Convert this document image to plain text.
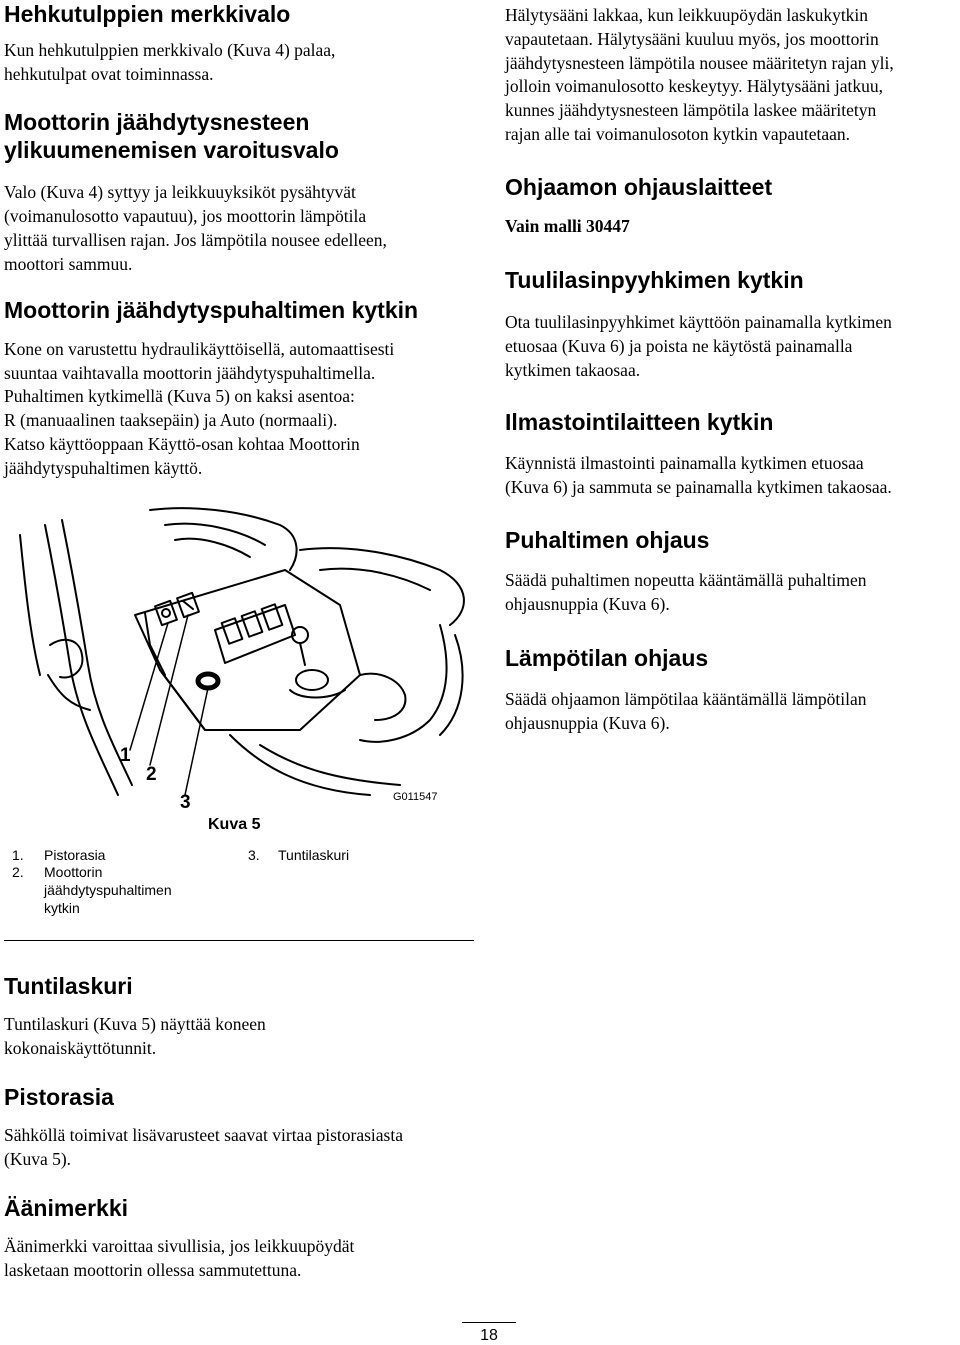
Hehkutulppien merkkivalo

Kun hehkutulppien merkkivalo (Kuva 4) palaa,

hehkutulpat ovat toiminnassa.

Moottorin jäähdytysnesteen
ylikuumenemisen varoitusvalo

Valo (Kuva 4) syttyy ja leikkuuyksiköt pysähtyvät

(voimanulosotto vapautuu), jos moottorin lämpötila

ylittää turvallisen rajan. Jos lämpötila nousee edelleen,

moottori sammuu.

Moottorin jäähdytyspuhaltimen kytkin

Kone on varustettu hydraulikäyttöisellä, automaattisesti

suuntaa vaihtavalla moottorin jäähdytyspuhaltimella.

Puhaltimen kytkimellä (Kuva 5) on kaksi asentoa:

R (manuaalinen taaksepäin) ja Auto (normaali).

Katso käyttöoppaan Käyttö-osan kohtaa Moottorin

jäähdytyspuhaltimen käyttö.

1
2
3	G011547
Kuva 5
1. Pistorasia
2. Moottorin
jäähdytyspuhaltimen
kytkin
3. Tuntilaskuri
Tuntilaskuri

Tuntilaskuri (Kuva 5) näyttää koneen

kokonaiskäyttötunnit.

Pistorasia

Sähköllä toimivat lisävarusteet saavat virtaa pistorasiasta

(Kuva 5).

Äänimerkki

Äänimerkki varoittaa sivullisia, jos leikkuupöydät

lasketaan moottorin ollessa sammutettuna.

Hälytysääni lakkaa, kun leikkuupöydän laskukytkin

vapautetaan. Hälytysääni kuuluu myös, jos moottorin

jäähdytysnesteen lämpötila nousee määritetyn rajan yli,

jolloin voimanulosotto keskeytyy. Hälytysääni jatkuu,

kunnes jäähdytysnesteen lämpötila laskee määritetyn

rajan alle tai voimanulosoton kytkin vapautetaan.

Ohjaamon ohjauslaitteet

Vain malli 30447

Tuulilasinpyyhkimen kytkin

Ota tuulilasinpyyhkimet käyttöön painamalla kytkimen

etuosaa (Kuva 6) ja poista ne käytöstä painamalla

kytkimen takaosaa.

Ilmastointilaitteen kytkin

Käynnistä ilmastointi painamalla kytkimen etuosaa

(Kuva 6) ja sammuta se painamalla kytkimen takaosaa.

Puhaltimen ohjaus

Säädä puhaltimen nopeutta kääntämällä puhaltimen

ohjausnuppia (Kuva 6).

Lämpötilan ohjaus

Säädä ohjaamon lämpötilaa kääntämällä lämpötilan

ohjausnuppia (Kuva 6).

18
